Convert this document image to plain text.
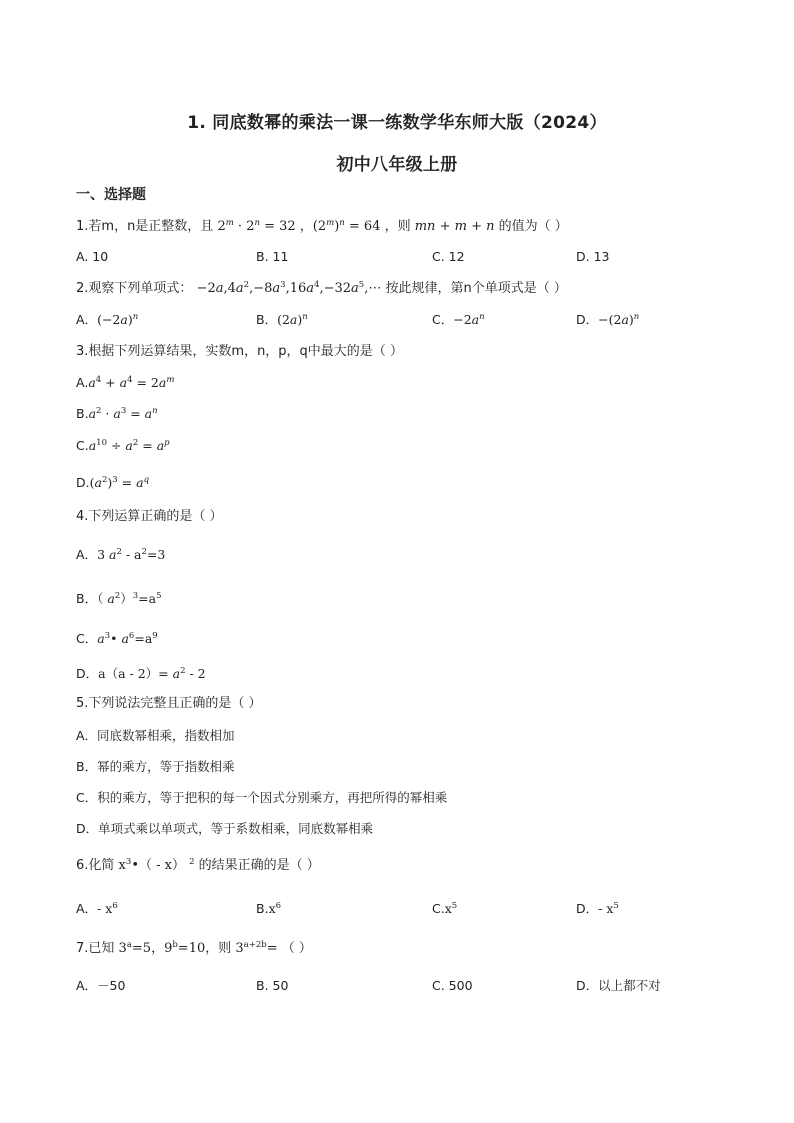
1. 同底数幂的乘法一课一练数学华东师大版（2024）
初中八年级上册
一、选择题
1.若m，n是正整数，且 $2^m \cdot 2^n = 32$ ，$(2^m)^n = 64$ ，则 mn + m + n 的值为（ ）
A. 10	B. 11	C. 12	D. 13
2.观察下列单项式： $-2a,4a^2,-8a^3,16a^4,-32a^5,\cdots$ 按此规律，第n个单项式是（ ）
A．$(-2a)^n$	B．$(2a)^n$	C．$-2a^n$	D．$-(2a)^n$
3.根据下列运算结果，实数m，n，p，q中最大的是（ ）
$A.a^4 + a^4 = 2a^m$
$B.a^2 \cdot a^3 = a^n$
$C.a^{10} \div a^2 = a^p$
$D.(a^2)^3 = a^q$
4.下列运算正确的是（ ）
A．3 $a^2 - a^2=3$
B．（ $a^2)^3=a^5$
C．$a^3•$ $a^6=a^9$
D．$a(a - 2)= a^2 - 2$
5.下列说法完整且正确的是（ ）
A．同底数幂相乘，指数相加
B．幂的乘方，等于指数相乘
C．积的乘方，等于把积的每一个因式分别乘方，再把所得的幂相乘
D．单项式乘以单项式，等于系数相乘，同底数幂相乘
6.化简 $x^3•( - x)$ $^2$ 的结果正确的是（ ）
A．- $x^6$	$B.x^6$	$C.x^5$	D．- $x^5$
7.已知 $3^a=5$，$9^b=10$，则 $3^{a+2b}=$ （ ）
A．－50	B. 50	C. 500	D．以上都不对
